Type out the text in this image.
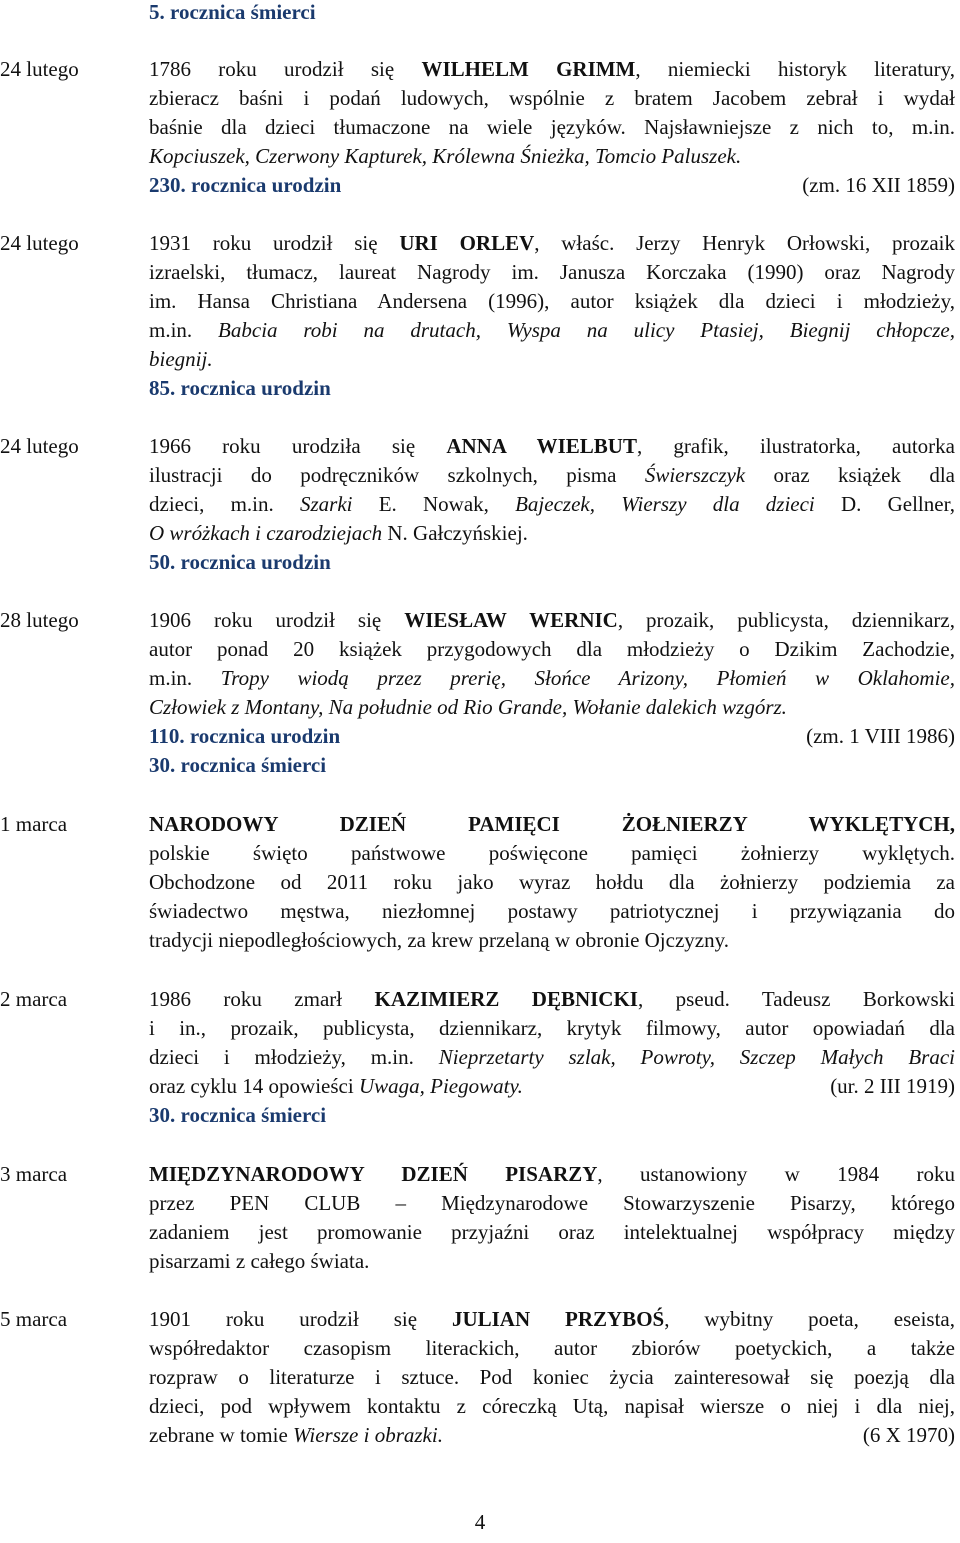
5. rocznica śmierci
24 lutego	1786 roku urodził się WILHELM GRIMM, niemiecki historyk literatury,
zbieracz baśni i podań ludowych, wspólnie z bratem Jacobem zebrał i wydał
baśnie dla dzieci tłumaczone na wiele języków. Najsławniejsze z nich to, m.in.
Kopciuszek, Czerwony Kapturek, Królewna Śnieżka, Tomcio Paluszek.
230. rocznica urodzin	(zm. 16 XII 1859)
24 lutego	1931 roku urodził się URI ORLEV, właśc. Jerzy Henryk Orłowski, prozaik
izraelski, tłumacz, laureat Nagrody im. Janusza Korczaka (1990) oraz Nagrody
im. Hansa Christiana Andersena (1996), autor książek dla dzieci i młodzieży,
m.in. Babcia robi na drutach, Wyspa na ulicy Ptasiej, Biegnij chłopcze,
biegnij.
85. rocznica urodzin
24 lutego	1966 roku urodziła się ANNA WIELBUT, grafik, ilustratorka, autorka
ilustracji do podręczników szkolnych, pisma Świerszczyk oraz książek dla
dzieci, m.in. Szarki E. Nowak, Bajeczek, Wierszy dla dzieci D. Gellner,
O wróżkach i czarodziejach N. Gałczyńskiej.
50. rocznica urodzin
28 lutego	1906 roku urodził się WIESŁAW WERNIC, prozaik, publicysta, dziennikarz,
autor ponad 20 książek przygodowych dla młodzieży o Dzikim Zachodzie,
m.in. Tropy wiodą przez prerię, Słońce Arizony, Płomień w Oklahomie,
Człowiek z Montany, Na południe od Rio Grande, Wołanie dalekich wzgórz.
110. rocznica urodzin	(zm. 1 VIII 1986)
30. rocznica śmierci
1 marca	NARODOWY DZIEŃ PAMIĘCI ŻOŁNIERZY WYKLĘTYCH,
polskie święto państwowe poświęcone pamięci żołnierzy wyklętych.
Obchodzone od 2011 roku jako wyraz hołdu dla żołnierzy podziemia za
świadectwo męstwa, niezłomnej postawy patriotycznej i przywiązania do
tradycji niepodległościowych, za krew przelaną w obronie Ojczyzny.
2 marca	1986 roku zmarł KAZIMIERZ DĘBNICKI, pseud. Tadeusz Borkowski
i in., prozaik, publicysta, dziennikarz, krytyk filmowy, autor opowiadań dla
dzieci i młodzieży, m.in. Nieprzetarty szlak, Powroty, Szczep Małych Braci
oraz cyklu 14 opowieści Uwaga, Piegowaty.	(ur. 2 III 1919)
30. rocznica śmierci
3 marca	MIĘDZYNARODOWY DZIEŃ PISARZY, ustanowiony w 1984 roku
przez PEN CLUB – Międzynarodowe Stowarzyszenie Pisarzy, którego
zadaniem jest promowanie przyjaźni oraz intelektualnej współpracy między
pisarzami z całego świata.
5 marca	1901 roku urodził się JULIAN PRZYBOŚ, wybitny poeta, eseista,
współredaktor czasopism literackich, autor zbiorów poetyckich, a także
rozpraw o literaturze i sztuce. Pod koniec życia zainteresował się poezją dla
dzieci, pod wpływem kontaktu z córeczką Utą, napisał wiersze o niej i dla niej,
zebrane w tomie Wiersze i obrazki.	(6 X 1970)
4
